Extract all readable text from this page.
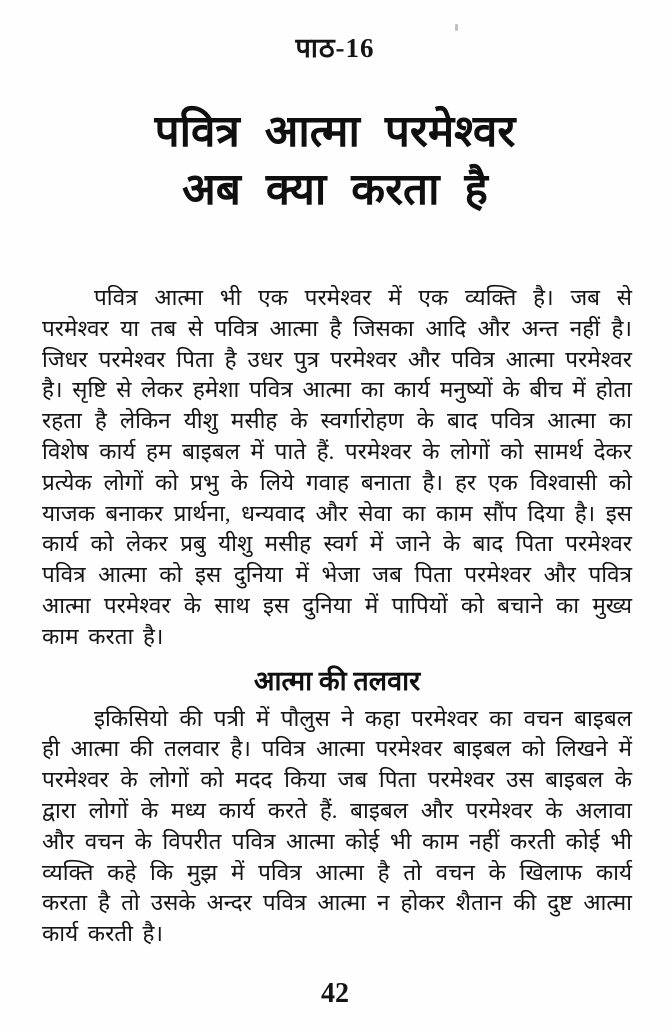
पाठ-16
पवित्र आत्मा परमेश्वर
अब क्या करता है

पवित्र आत्मा भी एक परमेश्वर में एक व्यक्ति है। जब से परमेश्वर या तब से पवित्र आत्मा है जिसका आदि और अन्त नहीं है। जिधर परमेश्वर पिता है उधर पुत्र परमेश्वर और पवित्र आत्मा परमेश्वर है। सृष्टि से लेकर हमेशा पवित्र आत्मा का कार्य मनुष्यों के बीच में होता रहता है लेकिन यीशु मसीह के स्वर्गारोहण के बाद पवित्र आत्मा का विशेष कार्य हम बाइबल में पाते हैं. परमेश्वर के लोगों को सामर्थ देकर प्रत्येक लोगों को प्रभु के लिये गवाह बनाता है। हर एक विश्वासी को याजक बनाकर प्रार्थना, धन्यवाद और सेवा का काम सौंप दिया है। इस कार्य को लेकर प्रबु यीशु मसीह स्वर्ग में जाने के बाद पिता परमेश्वर पवित्र आत्मा को इस दुनिया में भेजा जब पिता परमेश्वर और पवित्र आत्मा परमेश्वर के साथ इस दुनिया में पापियों को बचाने का मुख्य काम करता है।

आत्मा की तलवार

इकिसियो की पत्री में पौलुस ने कहा परमेश्वर का वचन बाइबल ही आत्मा की तलवार है। पवित्र आत्मा परमेश्वर बाइबल को लिखने में परमेश्वर के लोगों को मदद किया जब पिता परमेश्वर उस बाइबल के द्वारा लोगों के मध्य कार्य करते हैं. बाइबल और परमेश्वर के अलावा और वचन के विपरीत पवित्र आत्मा कोई भी काम नहीं करती कोई भी व्यक्ति कहे कि मुझ में पवित्र आत्मा है तो वचन के खिलाफ कार्य करता है तो उसके अन्दर पवित्र आत्मा न होकर शैतान की दुष्ट आत्मा कार्य करती है।

42
